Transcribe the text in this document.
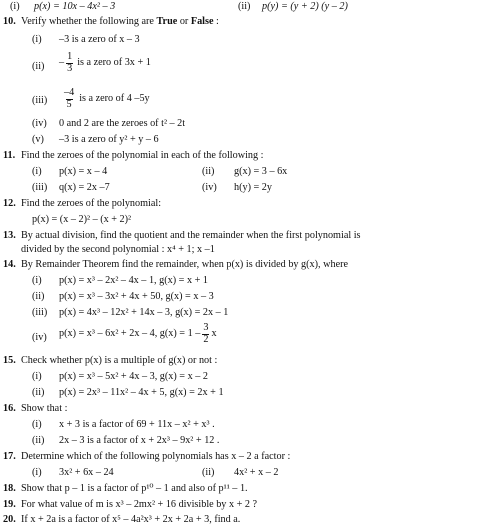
(i) p(x) = 10x – 4x² – 3	(ii) p(y) = (y + 2) (y – 2)
10. Verify whether the following are True or False :
(i) –3 is a zero of x – 3
$(ii) - \frac{1}{3}$ is a zero of 3x + 1
$(iii) \frac{-4}{5}$ is a zero of 4 –5y
(iv) 0 and 2 are the zeroes of t² – 2t
(v) –3 is a zero of y² + y – 6
11. Find the zeroes of the polynomial in each of the following :
(i) p(x) = x – 4	(ii) g(x) = 3 – 6x
(iii) q(x) = 2x –7	(iv) h(y) = 2y
12. Find the zeroes of the polynomial:
p(x) = (x – 2)² – (x + 2)²
13. By actual division, find the quotient and the remainder when the first polynomial is
divided by the second polynomial : x⁴ + 1; x –1
14. By Remainder Theorem find the remainder, when p(x) is divided by g(x), where
(i) p(x) = x³ – 2x² – 4x – 1, g(x) = x + 1
(ii) p(x) = x³ – 3x² + 4x + 50, g(x) = x – 3
(iii) p(x) = 4x³ – 12x² + 14x – 3, g(x) = 2x – 1
(iv) p(x) = x³ – 6x² + 2x – 4, $g(x) = 1 - \frac{3}{2}$ x
15. Check whether p(x) is a multiple of g(x) or not :
(i) p(x) = x³ – 5x² + 4x – 3, g(x) = x – 2
(ii) p(x) = 2x³ – 11x² – 4x + 5, g(x) = 2x + 1
16. Show that :
(i) x + 3 is a factor of 69 + 11x – x² + x³ .
(ii) 2x – 3 is a factor of x + 2x³ – 9x² + 12 .
17. Determine which of the following polynomials has x – 2 a factor :
(i) 3x² + 6x – 24	(ii) 4x² + x – 2
18. Show that p – 1 is a factor of p¹⁰ – 1 and also of p¹¹ – 1.
19. For what value of m is x³ – 2mx² + 16 divisible by x + 2 ?
20. If x + 2a is a factor of x⁵ – 4a²x³ + 2x + 2a + 3, find a.
